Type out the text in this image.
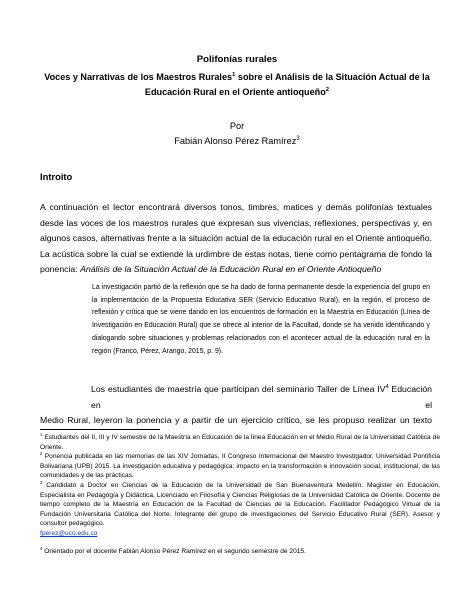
Polifonías rurales
Voces y Narrativas de los Maestros Rurales$^1$ sobre el Análisis de la Situación Actual de la
Educación Rural en el Oriente antioqueño$^2$
Por
Fabián Alonso Pérez Ramírez$^3$
Introito
A continuación el lector encontrará diversos tonos, timbres, matices y demás polifonías textuales
desde las voces de los maestros rurales que expresan sus vivencias, reflexiones, perspectivas y, en
algunos casos, alternativas frente a la situación actual de la educación rural en el Oriente antioqueño.
La acústica sobre la cual se extiende la urdimbre de estas notas, tiene como pentagrama de fondo la
ponencia: Análisis de la Situación Actual de la Educación Rural en el Oriente Antioqueño
La investigación partió de la reflexión que se ha dado de forma permanente desde la experiencia del grupo en la implementación de la Propuesta Educativa SER (Servicio Educativo Rural), en la región, el proceso de reflexión y crítica que se viene dando en los encuentros de formación en la Maestría en Educación (Línea de Investigación en Educación Rural) que se ofrece al interior de la Facultad, donde se ha venido identificando y dialogando sobre situaciones y problemas relacionados con el acontecer actual de la educación rural en la región (Franco, Pérez, Arango, 2015, p. 9).
Los estudiantes de maestría que participan del seminario Taller de Línea $IV^4$ Educación en el
Medio Rural, leyeron la ponencia y a partir de un ejercicio crítico, se les propuso realizar un texto

$^1$ Estudiantes del II, III y IV semestre de la Maestría en Educación de la línea Educación en el Medio Rural de la Universidad Católica de Oriente.

$^2$ Ponencia publicada en las memorias de las XIV Jornadas, II Congreso Internacional del Maestro Investigador, Universidad Pontificia Bolivariana (UPB) 2015. La investigación educativa y pedagógica: impacto en la transformación e innovación social, institucional, de las comunidades y de las prácticas.

$^3$ Candidato a Doctor en Ciencias de la Educación de la Universidad de San Buenaventura Medellín. Magister en Educación, Especialista en Pedagogía y Didáctica, Licenciado en Filosofía y Ciencias Religiosas de la Universidad Católica de Oriente. Docente de tiempo completo de la Maestría en Educación de la Facultad de Ciencias de la Educación. Facilitador Pedagógico Virtual de la Fundación Universitaria Católica del Norte. Integrante del grupo de investigaciones del Servicio Educativo Rural (SER). Asesor y consultor pedagógico.

fperez@uco.edu.co

$^4$ Orientado por el docente Fabián Alonso Pérez Ramírez en el segundo semestre de 2015.
